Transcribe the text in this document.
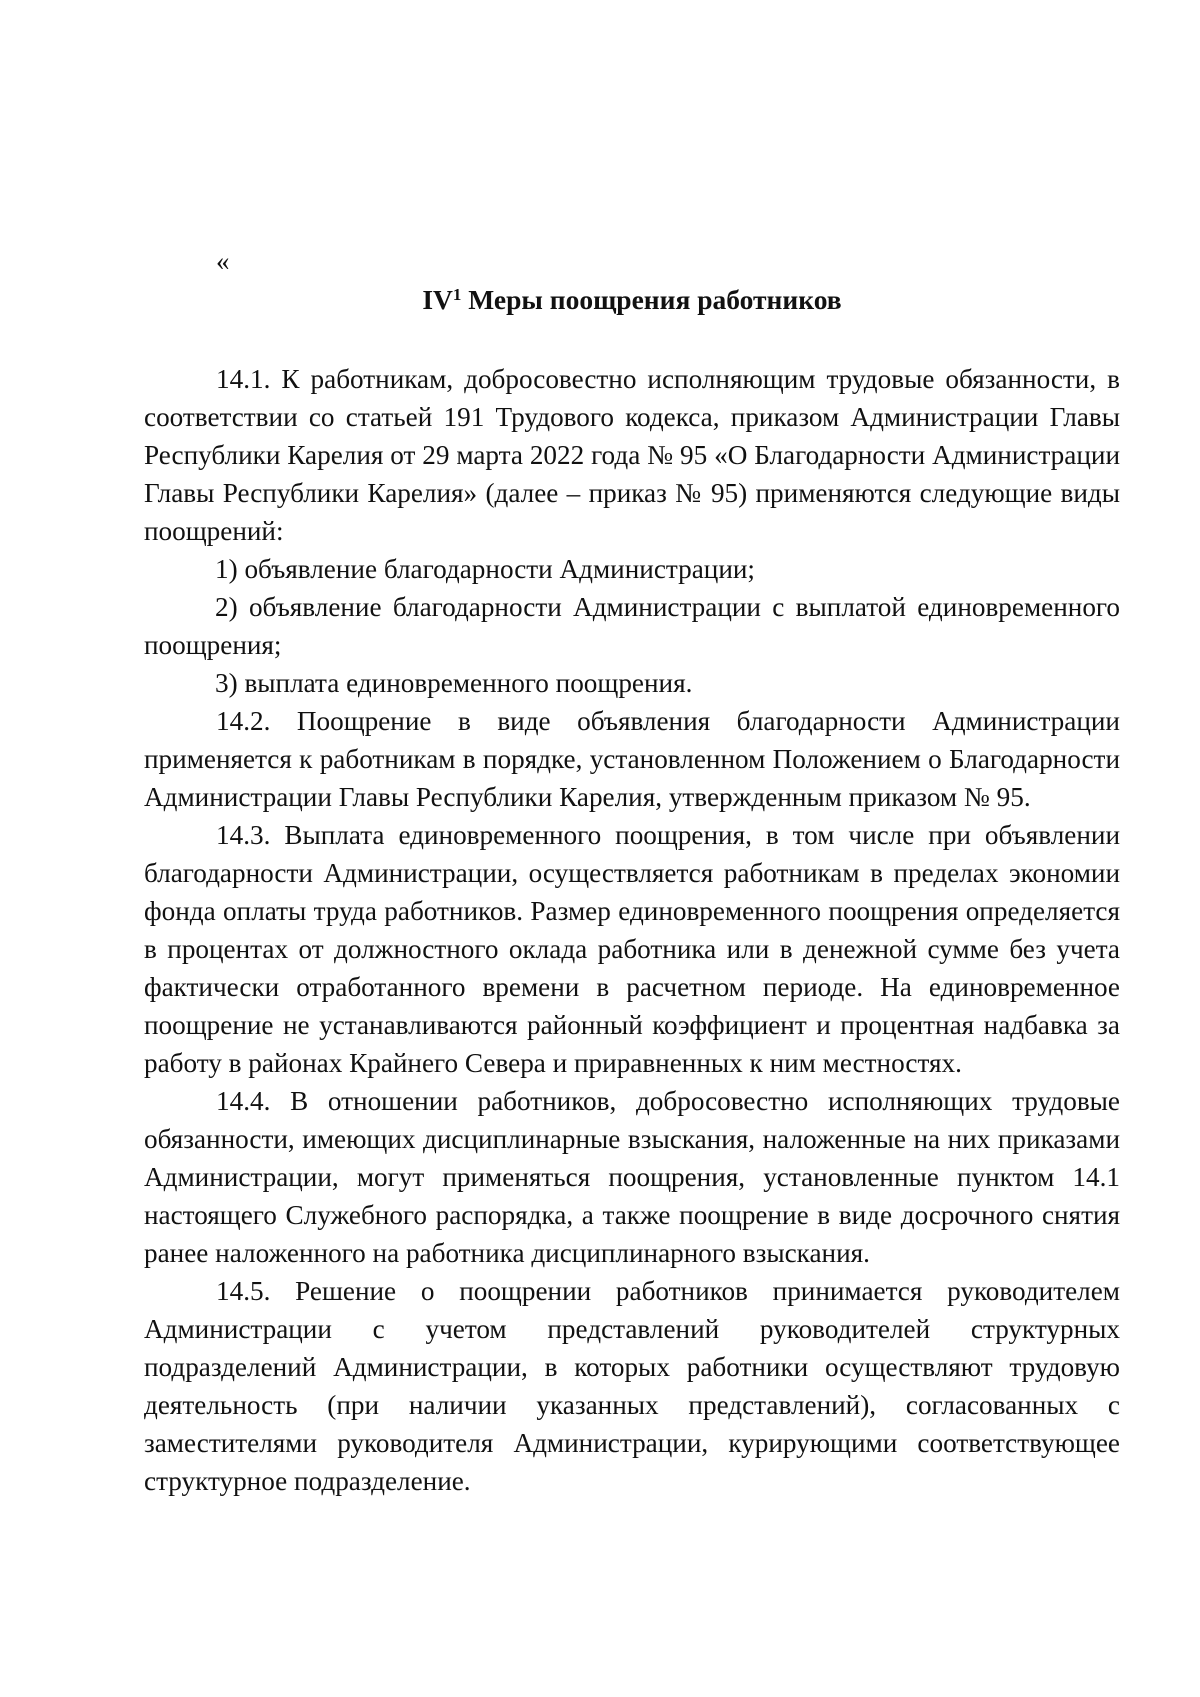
«
$IV^1$ Меры поощрения работников

14.1. К работникам, добросовестно исполняющим трудовые обязанности, в соответствии со статьей 191 Трудового кодекса, приказом Администрации Главы Республики Карелия от 29 марта 2022 года № 95 «О Благодарности Администрации Главы Республики Карелия» (далее – приказ № 95) применяются следующие виды поощрений:

1) объявление благодарности Администрации;

2) объявление благодарности Администрации с выплатой единовременного поощрения;

3) выплата единовременного поощрения.

14.2. Поощрение в виде объявления благодарности Администрации применяется к работникам в порядке, установленном Положением о Благодарности Администрации Главы Республики Карелия, утвержденным приказом № 95.

14.3. Выплата единовременного поощрения, в том числе при объявлении благодарности Администрации, осуществляется работникам в пределах экономии фонда оплаты труда работников. Размер единовременного поощрения определяется в процентах от должностного оклада работника или в денежной сумме без учета фактически отработанного времени в расчетном периоде. На единовременное поощрение не устанавливаются районный коэффициент и процентная надбавка за работу в районах Крайнего Севера и приравненных к ним местностях.

14.4. В отношении работников, добросовестно исполняющих трудовые обязанности, имеющих дисциплинарные взыскания, наложенные на них приказами Администрации, могут применяться поощрения, установленные пунктом 14.1 настоящего Служебного распорядка, а также поощрение в виде досрочного снятия ранее наложенного на работника дисциплинарного взыскания.

14.5. Решение о поощрении работников принимается руководителем Администрации с учетом представлений руководителей структурных подразделений Администрации, в которых работники осуществляют трудовую деятельность (при наличии указанных представлений), согласованных с заместителями руководителя Администрации, курирующими соответствующее структурное подразделение.
